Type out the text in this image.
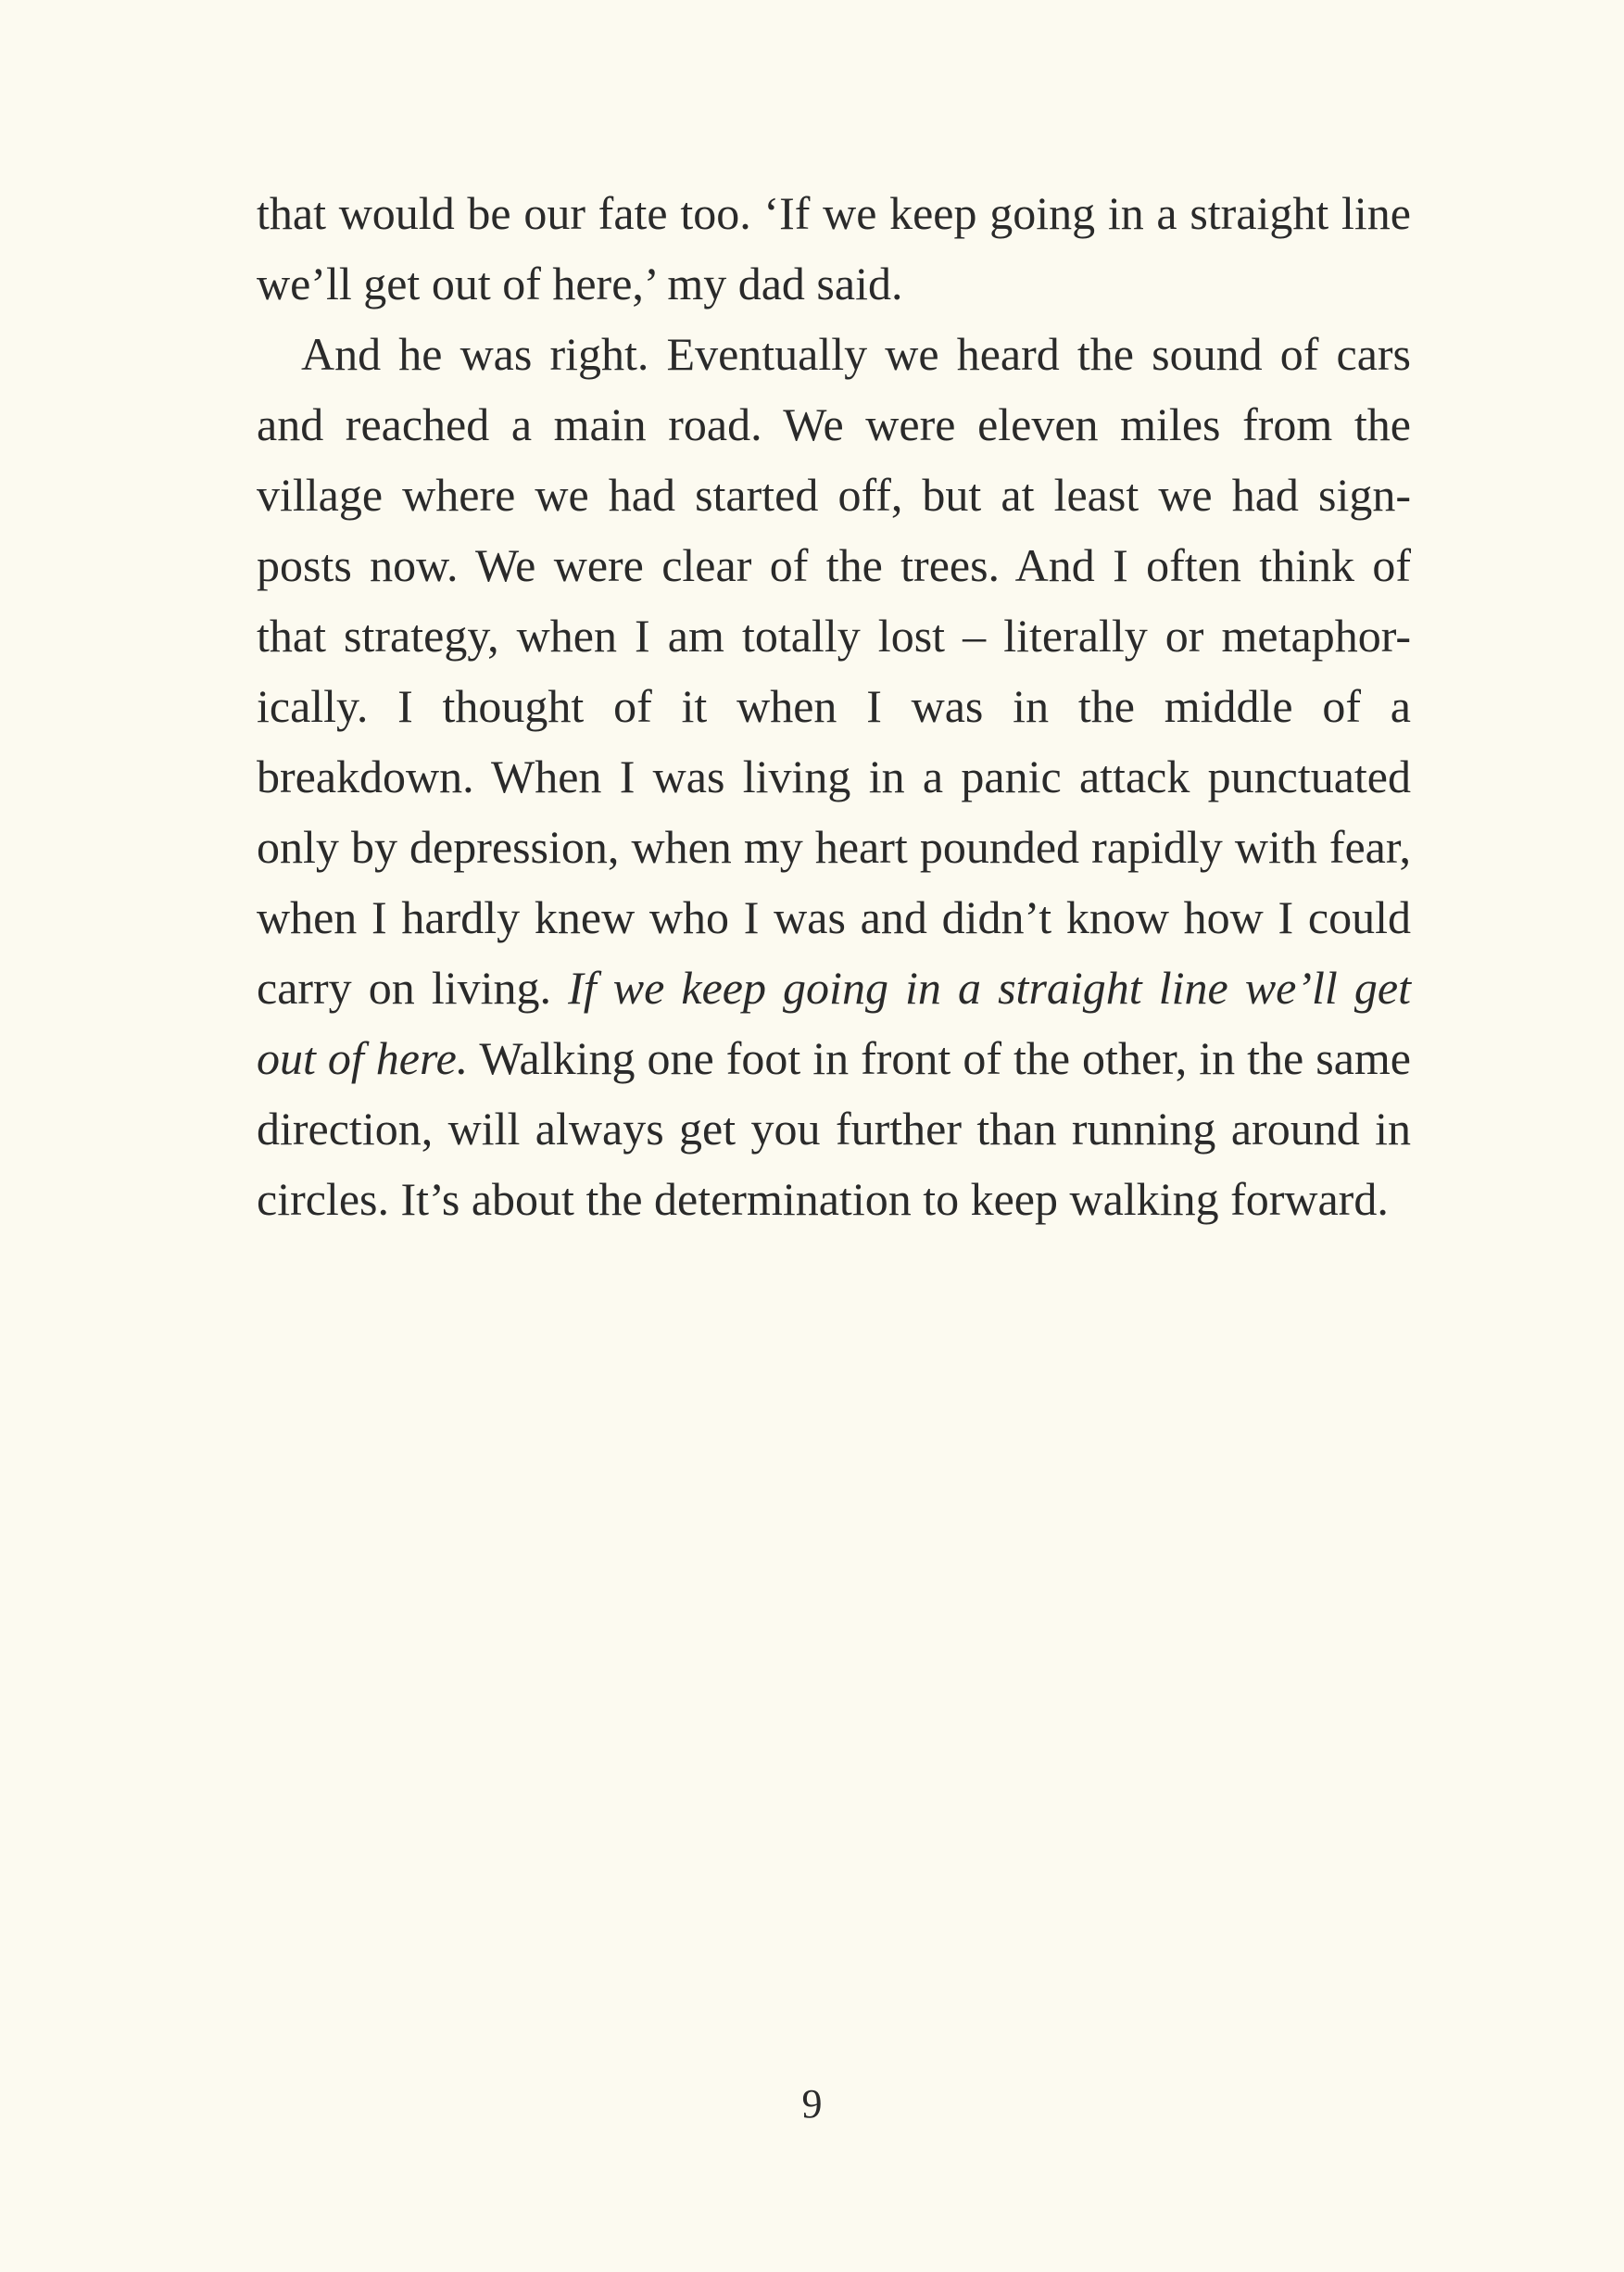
that would be our fate too. ‘If we keep going in a straight line we’ll get out of here,’ my dad said.

And he was right. Eventually we heard the sound of cars and reached a main road. We were eleven miles from the village where we had started off, but at least we had sign-posts now. We were clear of the trees. And I often think of that strategy, when I am totally lost – literally or metaphor-ically. I thought of it when I was in the middle of a breakdown. When I was living in a panic attack punctuated only by depression, when my heart pounded rapidly with fear, when I hardly knew who I was and didn’t know how I could carry on living. If we keep going in a straight line we’ll get out of here. Walking one foot in front of the other, in the same direction, will always get you further than running around in circles. It’s about the determination to keep walking forward.

9
